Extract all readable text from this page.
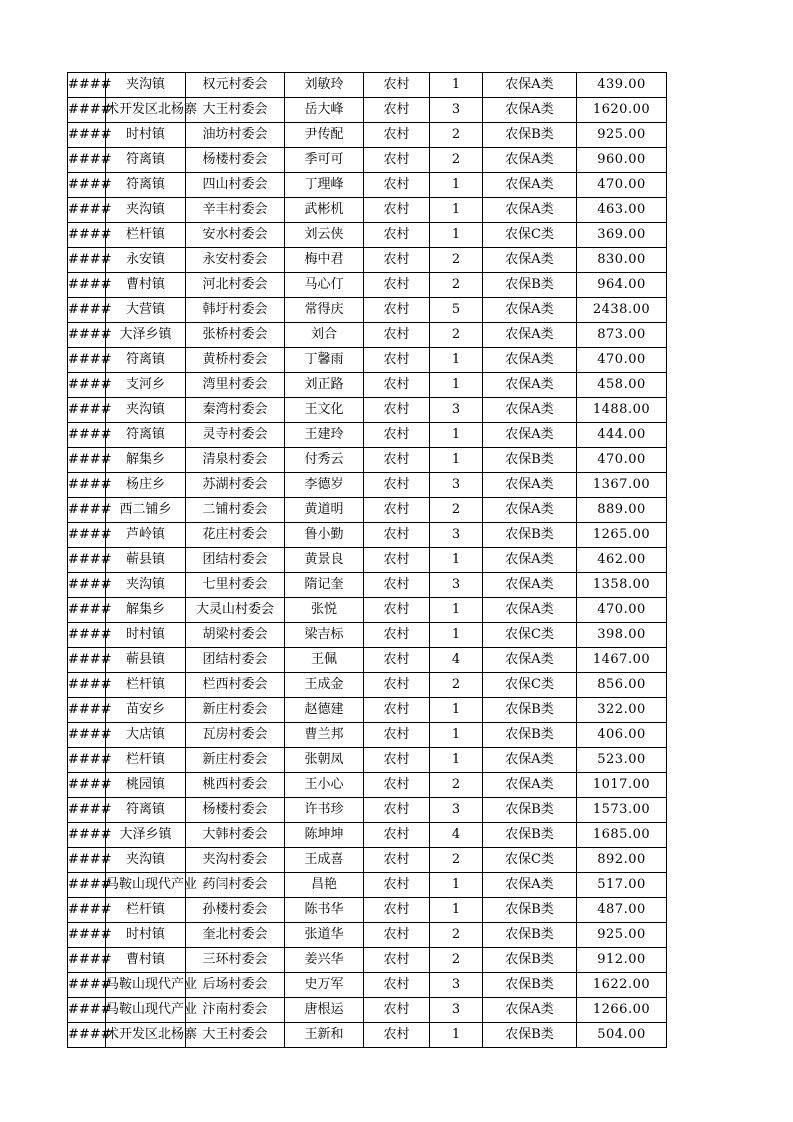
####	夹沟镇	权元村委会	刘敏玲	农村	1	农保A类	439.00
####	术开发区北杨寨	大王村委会	岳大峰	农村	3	农保A类	1620.00
####	时村镇	油坊村委会	尹传配	农村	2	农保B类	925.00
####	符离镇	杨楼村委会	季可可	农村	2	农保A类	960.00
####	符离镇	四山村委会	丁理峰	农村	1	农保A类	470.00
####	夹沟镇	辛丰村委会	武彬机	农村	1	农保A类	463.00
####	栏杆镇	安水村委会	刘云侠	农村	1	农保C类	369.00
####	永安镇	永安村委会	梅中君	农村	2	农保A类	830.00
####	曹村镇	河北村委会	马心仃	农村	2	农保B类	964.00
####	大营镇	韩圩村委会	常得庆	农村	5	农保A类	2438.00
####	大泽乡镇	张桥村委会	刘合	农村	2	农保A类	873.00
####	符离镇	黄桥村委会	丁馨雨	农村	1	农保A类	470.00
####	支河乡	湾里村委会	刘正路	农村	1	农保A类	458.00
####	夹沟镇	秦湾村委会	王文化	农村	3	农保A类	1488.00
####	符离镇	灵寺村委会	王建玲	农村	1	农保A类	444.00
####	解集乡	清泉村委会	付秀云	农村	1	农保B类	470.00
####	杨庄乡	苏湖村委会	李德岁	农村	3	农保A类	1367.00
####	西二铺乡	二铺村委会	黄道明	农村	2	农保A类	889.00
####	芦岭镇	花庄村委会	鲁小勤	农村	3	农保B类	1265.00
####	蕲县镇	团结村委会	黄景良	农村	1	农保A类	462.00
####	夹沟镇	七里村委会	隋记奎	农村	3	农保A类	1358.00
####	解集乡	大灵山村委会	张悦	农村	1	农保A类	470.00
####	时村镇	胡梁村委会	梁吉标	农村	1	农保C类	398.00
####	蕲县镇	团结村委会	王佩	农村	4	农保A类	1467.00
####	栏杆镇	栏西村委会	王成金	农村	2	农保C类	856.00
####	苗安乡	新庄村委会	赵德建	农村	1	农保B类	322.00
####	大店镇	瓦房村委会	曹兰邦	农村	1	农保B类	406.00
####	栏杆镇	新庄村委会	张朝凤	农村	1	农保A类	523.00
####	桃园镇	桃西村委会	王小心	农村	2	农保A类	1017.00
####	符离镇	杨楼村委会	许书珍	农村	3	农保B类	1573.00
####	大泽乡镇	大韩村委会	陈坤坤	农村	4	农保B类	1685.00
####	夹沟镇	夹沟村委会	王成喜	农村	2	农保C类	892.00
####	马鞍山现代产业	药闫村委会	昌艳	农村	1	农保A类	517.00
####	栏杆镇	孙楼村委会	陈书华	农村	1	农保B类	487.00
####	时村镇	奎北村委会	张道华	农村	2	农保B类	925.00
####	曹村镇	三环村委会	姜兴华	农村	2	农保B类	912.00
####	马鞍山现代产业	后场村委会	史万军	农村	3	农保B类	1622.00
####	马鞍山现代产业	汴南村委会	唐根运	农村	3	农保A类	1266.00
####	术开发区北杨寨	大王村委会	王新和	农村	1	农保B类	504.00
